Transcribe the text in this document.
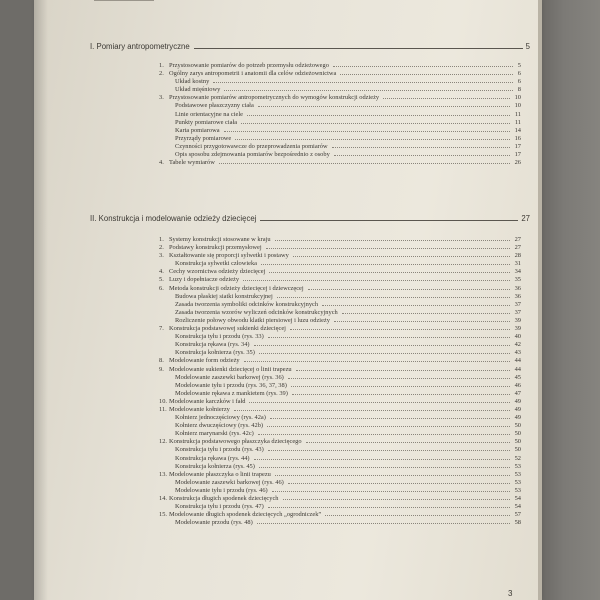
I. Pomiary antropometryczne	5
1. Przystosowanie pomiarów do potrzeb przemysłu odzieżowego	5
2. Ogólny zarys antropometrii i anatomii dla celów odzieżownictwa	6
Układ kostny	6
Układ mięśniowy	8
3. Przystosowanie pomiarów antropometrycznych do wymogów konstrukcji odzieży	10
Podstawowe płaszczyzny ciała	10
Linie orientacyjne na ciele	11
Punkty pomiarowe ciała	11
Karta pomiarowa	14
Przyrządy pomiarowe	16
Czynności przygotowawcze do przeprowadzenia pomiarów	17
Opis sposobu zdejmowania pomiarów bezpośrednio z osoby	17
4. Tabele wymiarów	26
II. Konstrukcja i modelowanie odzieży dziecięcej	27
1. Systemy konstrukcji stosowane w kraju	27
2. Podstawy konstrukcji przemysłowej	27
3. Kształtowanie się proporcji sylwetki i postawy	28
Konstrukcja sylwetki człowieka	31
4. Cechy wzornictwa odzieży dziecięcej	34
5. Luzy i dopełniacze odzieży	35
6. Metoda konstrukcji odzieży dziecięcej i dziewczęcej	36
Budowa płaskiej siatki konstrukcyjnej	36
Zasada tworzenia symboliki odcinków konstrukcyjnych	37
Zasada tworzenia wzorów wyliczeń odcinków konstrukcyjnych	37
Rozliczenie połowy obwodu klatki piersiowej i luzu odzieży	39
7. Konstrukcja podstawowej sukienki dziecięcej	39
Konstrukcja tyłu i przodu (rys. 33)	40
Konstrukcja rękawa (rys. 34)	42
Konstrukcja kołnierza (rys. 35)	43
8. Modelowanie form odzieży	44
9. Modelowanie sukienki dziecięcej o linii trapezu	44
Modelowanie zaszewki barkowej (rys. 36)	45
Modelowanie tyłu i przodu (rys. 36, 37, 38)	46
Modelowanie rękawa z mankietem (rys. 39)	47
10. Modelowanie karczków i fałd	49
11. Modelowanie kołnierzy	49
Kołnierz jednoczęściowy (rys. 42a)	49
Kołnierz dwuczęściowy (rys. 42b)	50
Kołnierz marynarski (rys. 42c)	50
12. Konstrukcja podstawowego płaszczyka dziecięcego	50
Konstrukcja tyłu i przodu (rys. 43)	50
Konstrukcja rękawa (rys. 44)	52
Konstrukcja kołnierza (rys. 45)	53
13. Modelowanie płaszczyka o linii trapezu	53
Modelowanie zaszewki barkowej (rys. 46)	53
Modelowanie tyłu i przodu (rys. 46)	53
14. Konstrukcja długich spodenek dziecięcych	54
Konstrukcja tyłu i przodu (rys. 47)	54
15. Modelowanie długich spodenek dziecięcych „ogrodniczek”	57
Modelowanie przodu (rys. 48)	58
3
